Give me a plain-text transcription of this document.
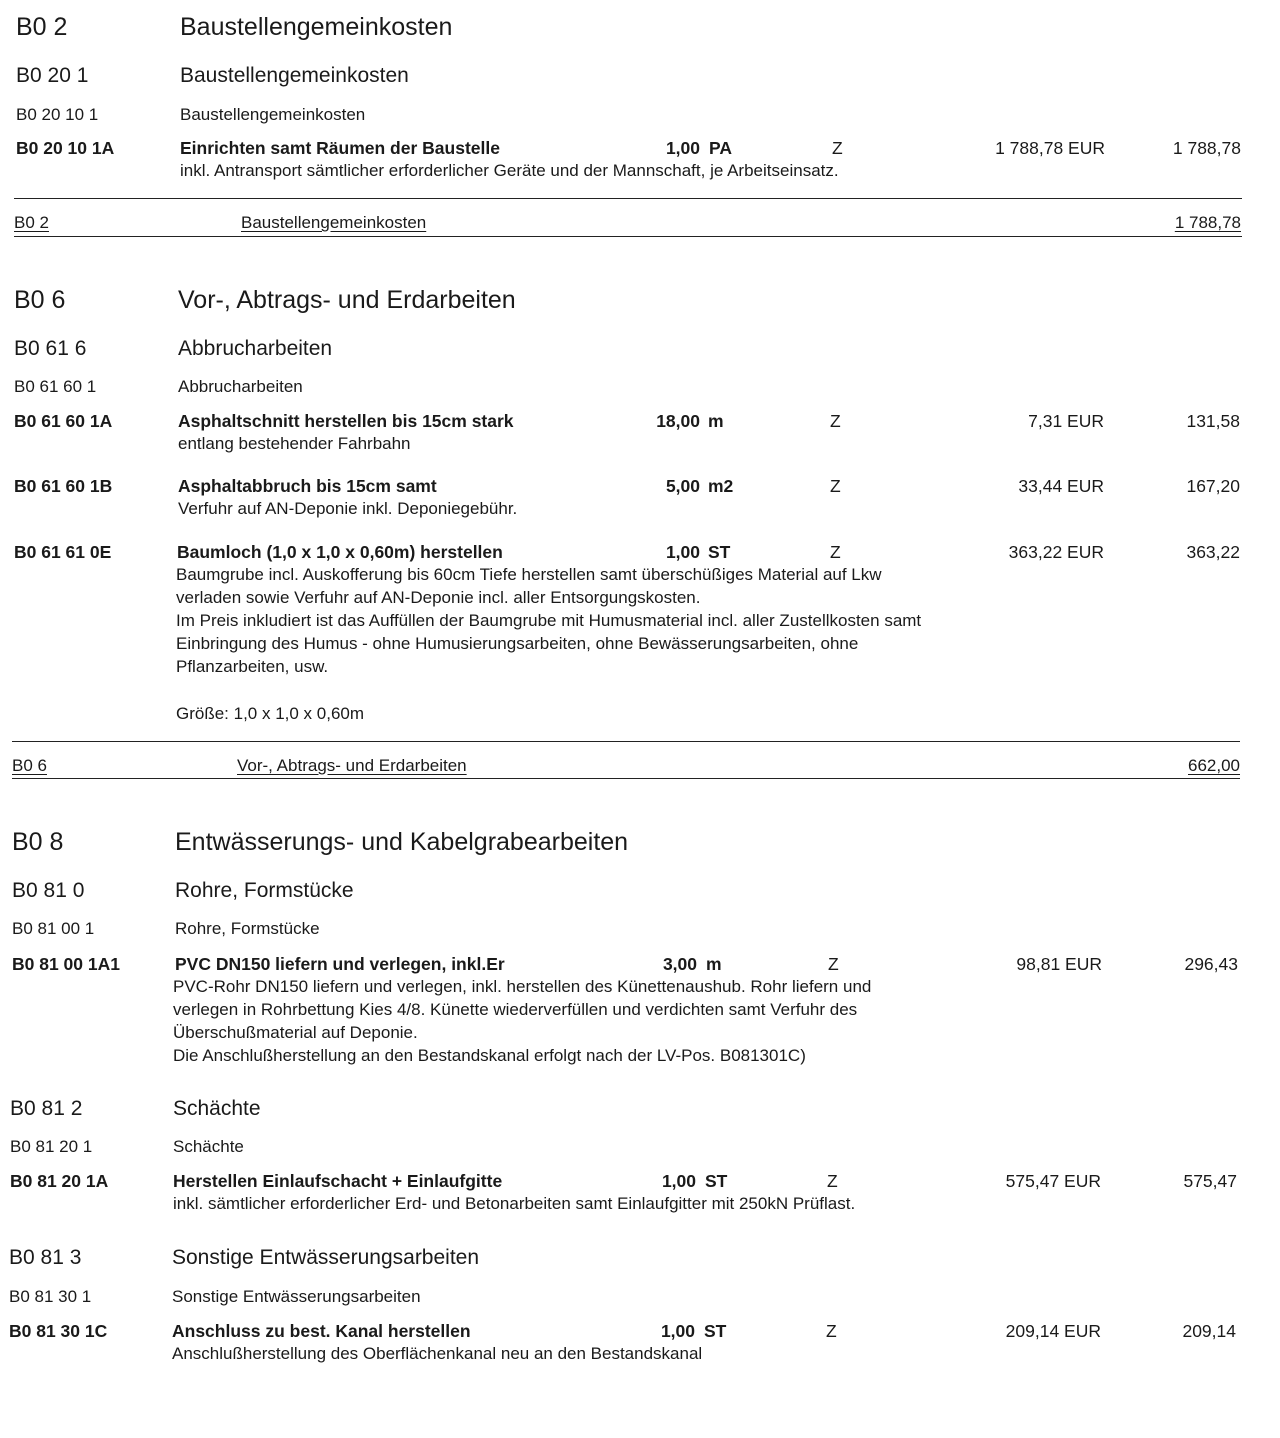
B0 2	Baustellengemeinkosten
B0 20 1	Baustellengemeinkosten
B0 20 10 1	Baustellengemeinkosten
B0 20 10 1A	Einrichten samt Räumen der Baustelle	1,00 PA	Z	1 788,78 EUR	1 788,78
inkl. Antransport sämtlicher erforderlicher Geräte und der Mannschaft, je Arbeitseinsatz.
B0 2	Baustellengemeinkosten	1 788,78
B0 6	Vor-, Abtrags- und Erdarbeiten
B0 61 6	Abbrucharbeiten
B0 61 60 1	Abbrucharbeiten
B0 61 60 1A	Asphaltschnitt herstellen bis 15cm stark	18,00 m	Z	7,31 EUR	131,58
entlang bestehender Fahrbahn
B0 61 60 1B	Asphaltabbruch bis 15cm samt	5,00 m2	Z	33,44 EUR	167,20
Verfuhr auf AN-Deponie inkl. Deponiegebühr.
B0 61 61 0E	Baumloch (1,0 x 1,0 x 0,60m) herstellen	1,00 ST	Z	363,22 EUR	363,22
Baumgrube incl. Auskofferung bis 60cm Tiefe herstellen samt überschüßiges Material auf Lkw
verladen sowie Verfuhr auf AN-Deponie incl. aller Entsorgungskosten.
Im Preis inkludiert ist das Auffüllen der Baumgrube mit Humusmaterial incl. aller Zustellkosten samt
Einbringung des Humus - ohne Humusierungsarbeiten, ohne Bewässerungsarbeiten, ohne
Pflanzarbeiten, usw.
Größe: 1,0 x 1,0 x 0,60m
B0 6	Vor-, Abtrags- und Erdarbeiten	662,00
B0 8	Entwässerungs- und Kabelgrabearbeiten
B0 81 0	Rohre, Formstücke
B0 81 00 1	Rohre, Formstücke
B0 81 00 1A1	PVC DN150 liefern und verlegen, inkl.Er	3,00 m	Z	98,81 EUR	296,43
PVC-Rohr DN150 liefern und verlegen, inkl. herstellen des Künettenaushub. Rohr liefern und
verlegen in Rohrbettung Kies 4/8. Künette wiederverfüllen und verdichten samt Verfuhr des
Überschußmaterial auf Deponie.
Die Anschlußherstellung an den Bestandskanal erfolgt nach der LV-Pos. B081301C)
B0 81 2	Schächte
B0 81 20 1	Schächte
B0 81 20 1A	Herstellen Einlaufschacht + Einlaufgitte	1,00 ST	Z	575,47 EUR	575,47
inkl. sämtlicher erforderlicher Erd- und Betonarbeiten samt Einlaufgitter mit 250kN Prüflast.
B0 81 3	Sonstige Entwässerungsarbeiten
B0 81 30 1	Sonstige Entwässerungsarbeiten
B0 81 30 1C	Anschluss zu best. Kanal herstellen	1,00 ST	Z	209,14 EUR	209,14
Anschlußherstellung des Oberflächenkanal neu an den Bestandskanal
